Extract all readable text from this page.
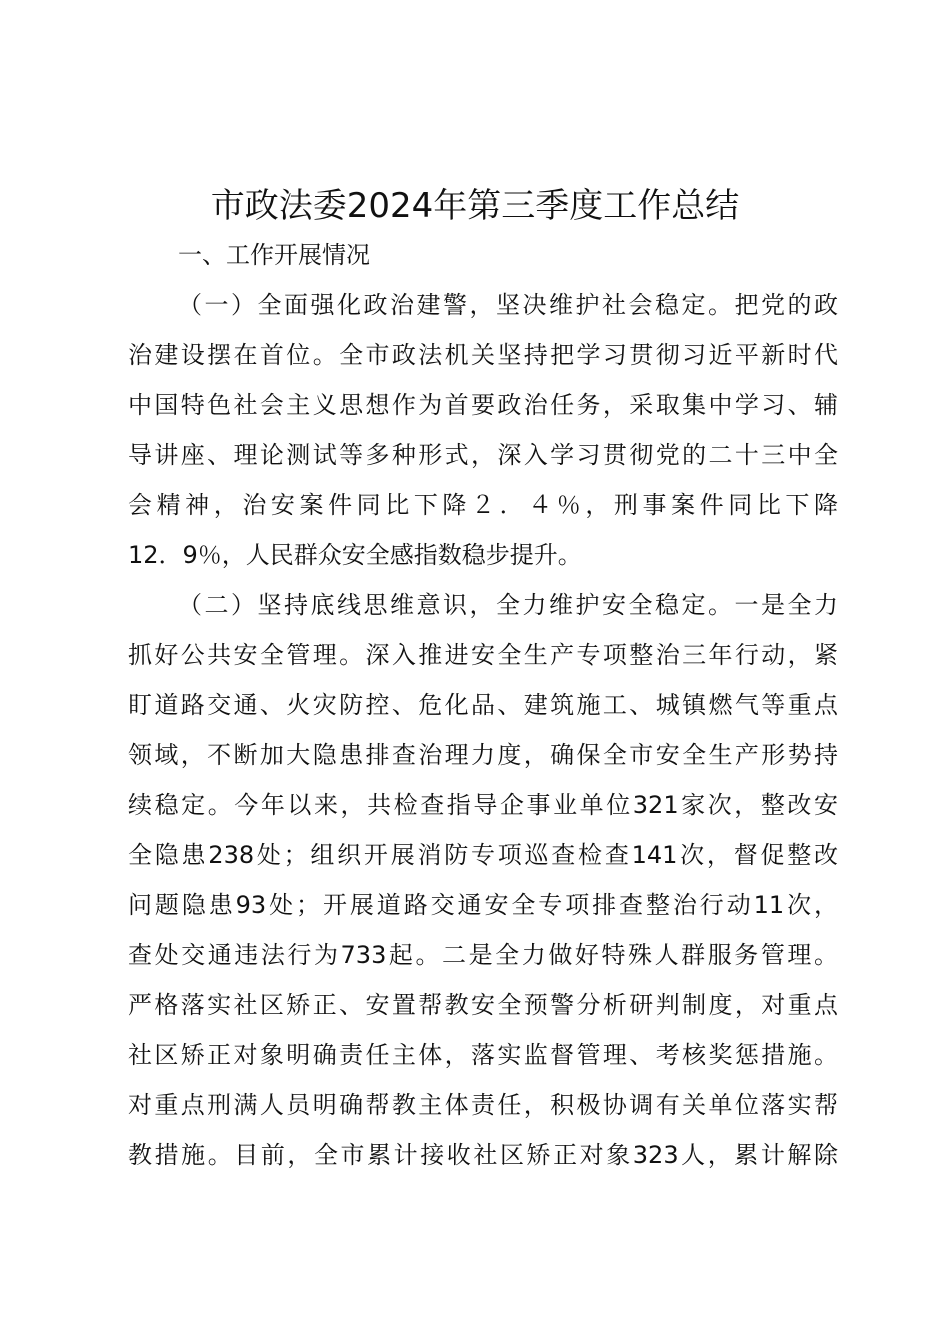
市政法委2024年第三季度工作总结
一、工作开展情况
（一）全面强化政治建警，坚决维护社会稳定。把党的政
治建设摆在首位。全市政法机关坚持把学习贯彻习近平新时代
中国特色社会主义思想作为首要政治任务，采取集中学习、辅
导讲座、理论测试等多种形式，深入学习贯彻党的二十三中全
会精神，治安案件同比下降２．４％，刑事案件同比下降
12．9％，人民群众安全感指数稳步提升。
（二）坚持底线思维意识，全力维护安全稳定。一是全力
抓好公共安全管理。深入推进安全生产专项整治三年行动，紧
盯道路交通、火灾防控、危化品、建筑施工、城镇燃气等重点
领域，不断加大隐患排查治理力度，确保全市安全生产形势持
续稳定。今年以来，共检查指导企事业单位321家次，整改安
全隐患238处；组织开展消防专项巡查检查141次，督促整改
问题隐患93处；开展道路交通安全专项排查整治行动11次，
查处交通违法行为733起。二是全力做好特殊人群服务管理。
严格落实社区矫正、安置帮教安全预警分析研判制度，对重点
社区矫正对象明确责任主体，落实监督管理、考核奖惩措施。
对重点刑满人员明确帮教主体责任，积极协调有关单位落实帮
教措施。目前，全市累计接收社区矫正对象323人，累计解除
